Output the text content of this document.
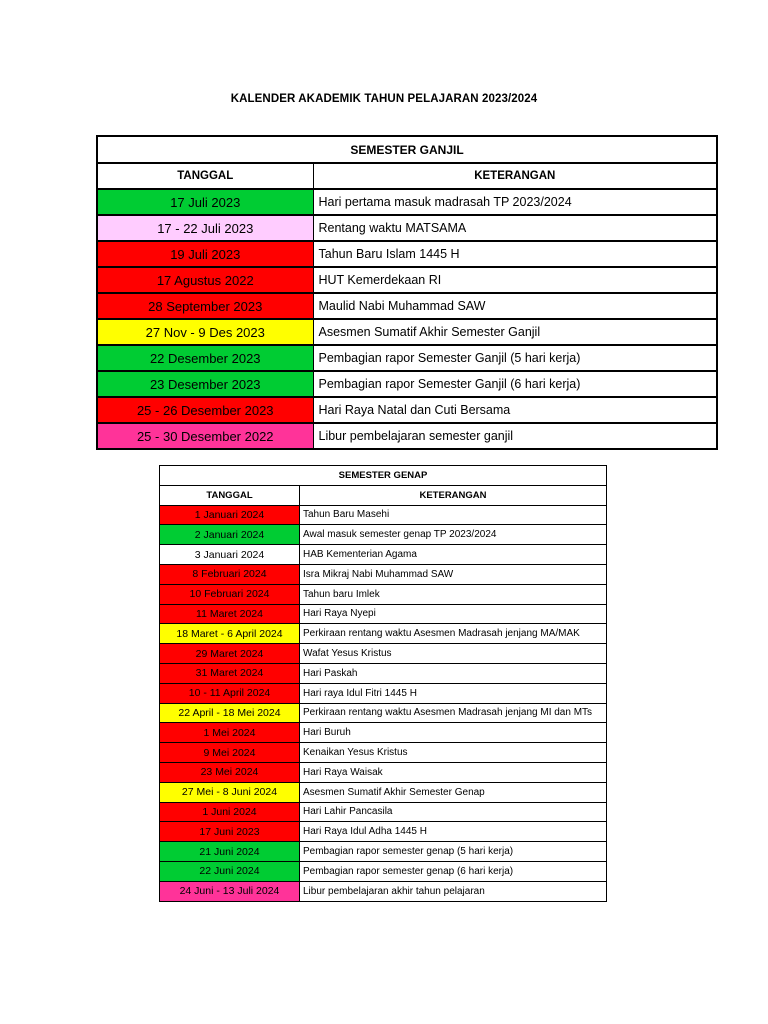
KALENDER AKADEMIK TAHUN PELAJARAN 2023/2024
SEMESTER GANJIL	
TANGGAL	KETERANGAN
17 Juli 2023	Hari pertama masuk madrasah TP 2023/2024
17 - 22 Juli 2023	Rentang waktu MATSAMA
19 Juli 2023	Tahun Baru Islam 1445 H
17 Agustus 2022	HUT Kemerdekaan RI
28 September 2023	Maulid Nabi Muhammad SAW
27 Nov - 9 Des 2023	Asesmen Sumatif Akhir Semester Ganjil
22 Desember 2023	Pembagian rapor Semester Ganjil (5 hari kerja)
23 Desember 2023	Pembagian rapor Semester Ganjil (6 hari kerja)
25 - 26 Desember 2023	Hari Raya Natal dan Cuti Bersama
25 - 30 Desember 2022	Libur pembelajaran semester ganjil
SEMESTER GENAP	
TANGGAL	KETERANGAN
1 Januari 2024	Tahun Baru Masehi
2 Januari 2024	Awal masuk semester genap TP 2023/2024
3 Januari 2024	HAB Kementerian Agama
8 Februari 2024	Isra Mikraj Nabi Muhammad SAW
10 Februari 2024	Tahun baru Imlek
11 Maret 2024	Hari Raya Nyepi
18 Maret - 6 April 2024	Perkiraan rentang waktu Asesmen Madrasah jenjang MA/MAK
29 Maret 2024	Wafat Yesus Kristus
31 Maret 2024	Hari Paskah
10 - 11 April 2024	Hari raya Idul Fitri 1445 H
22 April - 18 Mei 2024	Perkiraan rentang waktu Asesmen Madrasah jenjang MI dan MTs
1 Mei 2024	Hari Buruh
9 Mei 2024	Kenaikan Yesus Kristus
23 Mei 2024	Hari Raya Waisak
27 Mei - 8 Juni 2024	Asesmen Sumatif Akhir Semester Genap
1 Juni 2024	Hari Lahir Pancasila
17 Juni 2023	Hari Raya Idul Adha 1445 H
21 Juni 2024	Pembagian rapor semester genap (5 hari kerja)
22 Juni 2024	Pembagian rapor semester genap (6 hari kerja)
24 Juni - 13 Juli 2024	Libur pembelajaran akhir tahun pelajaran
